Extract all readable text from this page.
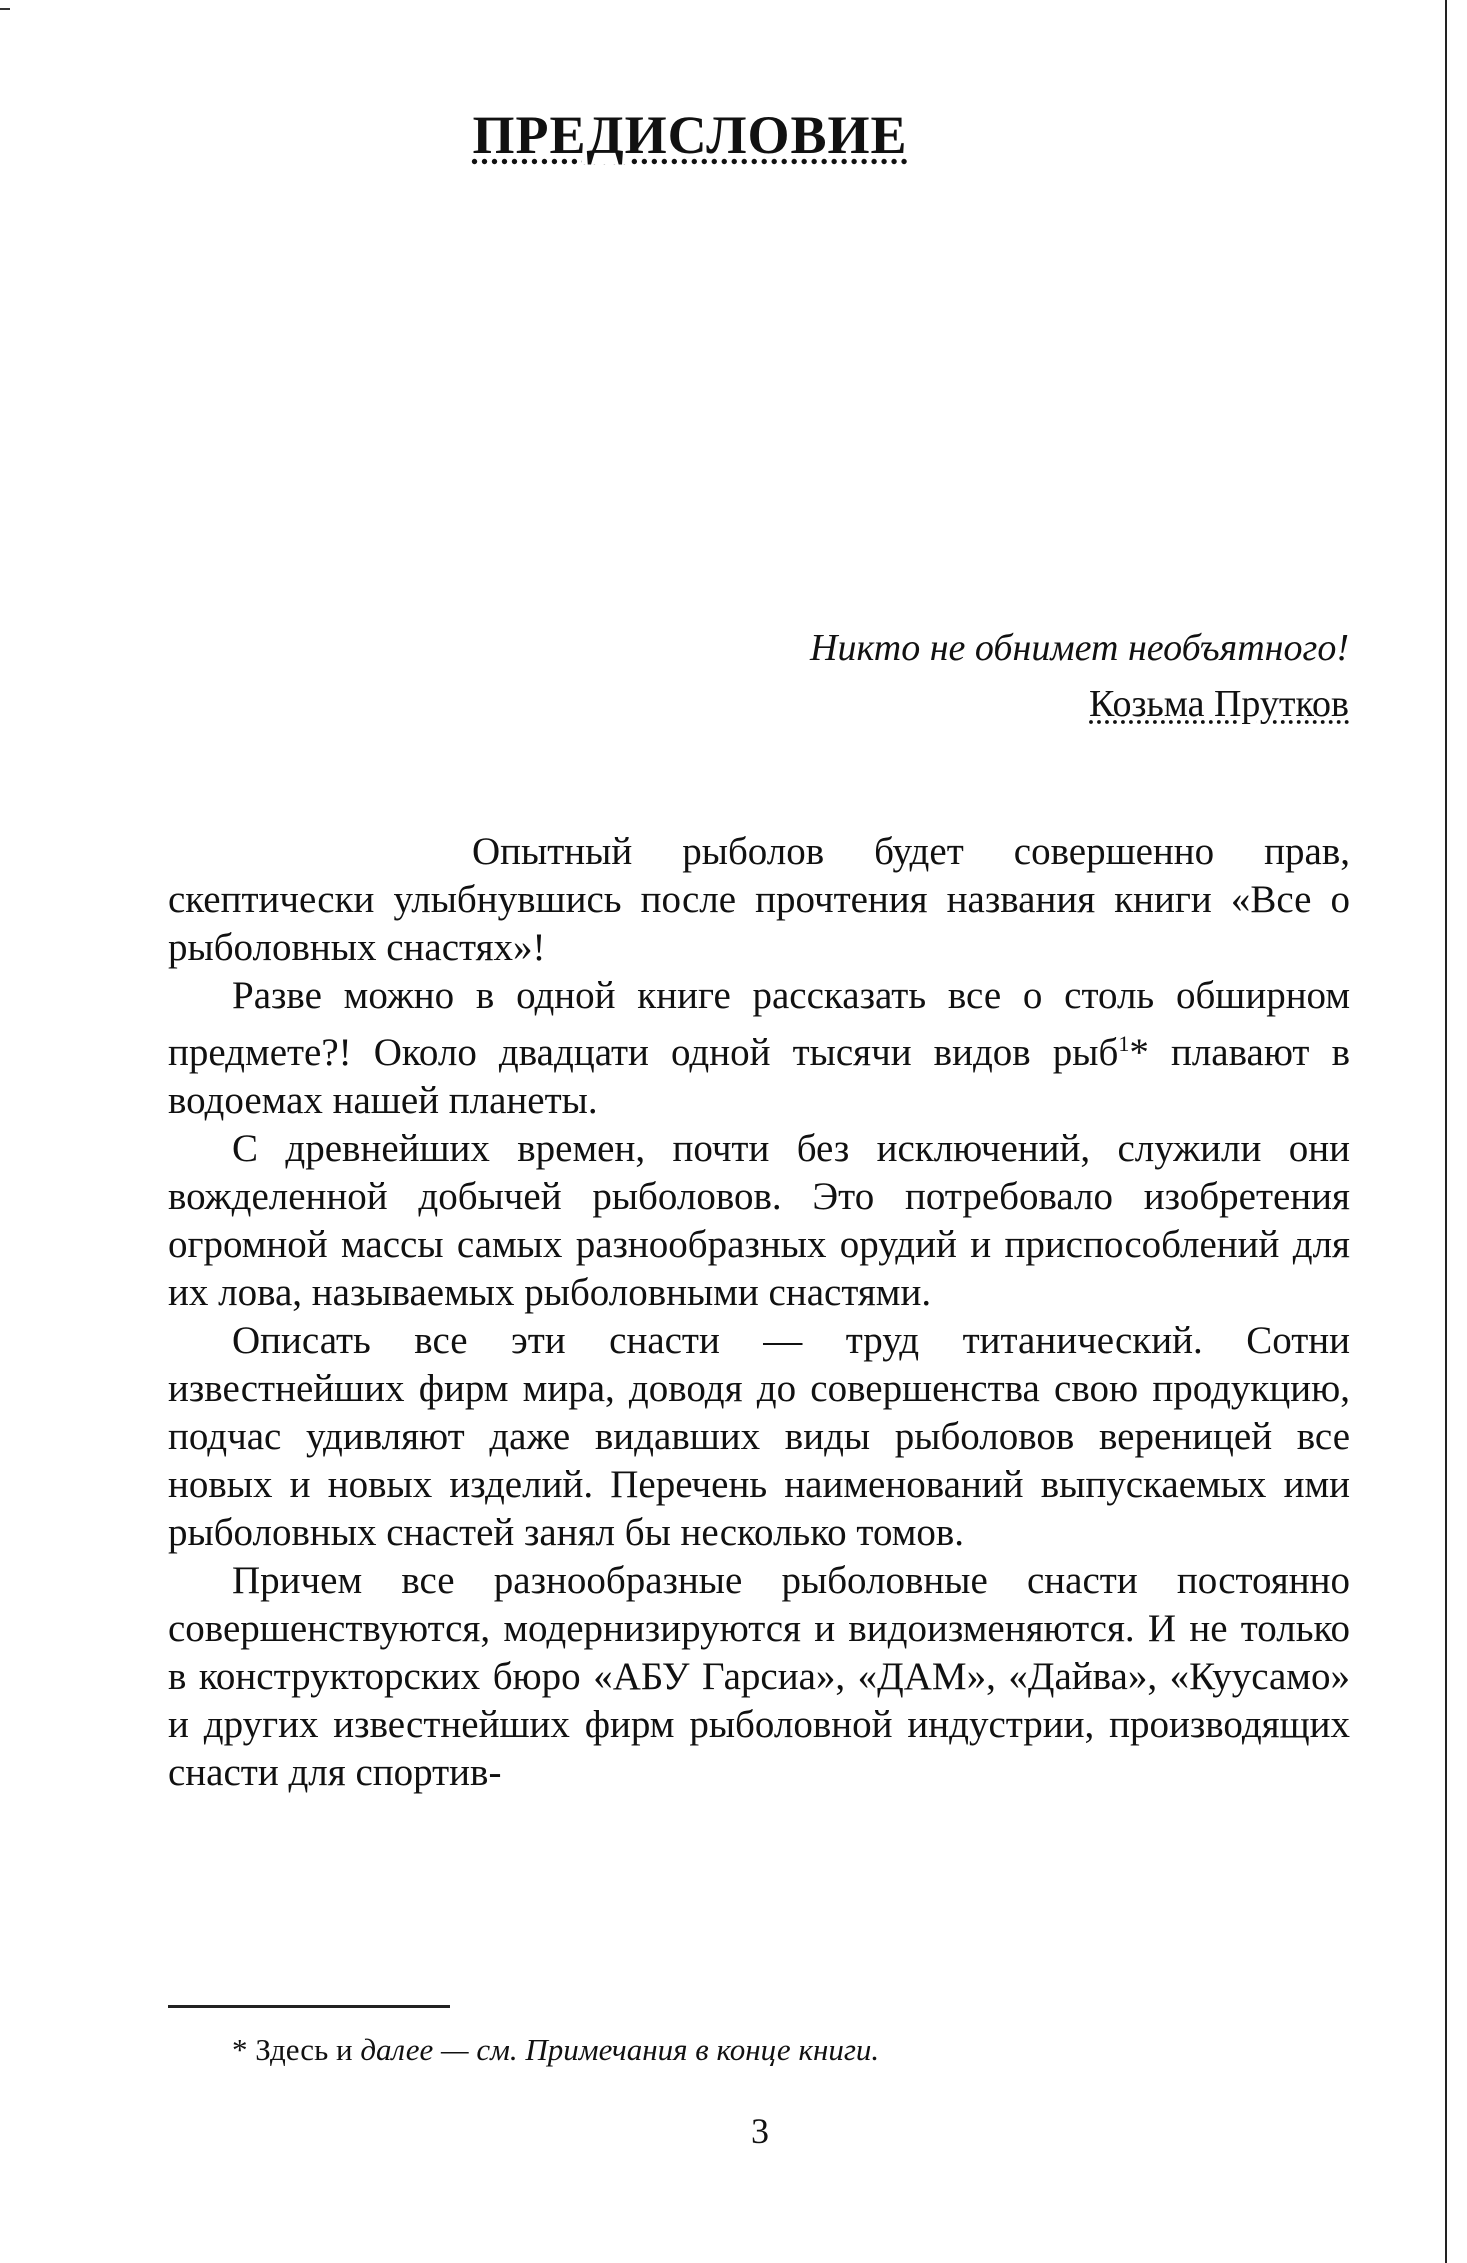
ПРЕДИСЛОВИЕ
Никто не обнимет необъятного!
Козьма Прутков

Опытный рыболов будет совершенно прав, скептически улыбнувшись после прочтения названия книги «Все о рыболовных снастях»!

Разве можно в одной книге рассказать все о столь обширном предмете?! Около двадцати одной тысячи видов рыб$^1$* плавают в водоемах нашей планеты.

С древнейших времен, почти без исключений, служили они вожделенной добычей рыболовов. Это потребовало изобретения огромной массы самых разнообразных орудий и приспособлений для их лова, называемых рыболовными снастями.

Описать все эти снасти — труд титанический. Сотни известнейших фирм мира, доводя до совершенства свою продукцию, подчас удивляют даже видавших виды рыболовов вереницей все новых и новых изделий. Перечень наименований выпускаемых ими рыболовных снастей занял бы несколько томов.

Причем все разнообразные рыболовные снасти постоянно совершенствуются, модернизируются и видоизменяются. И не только в конструкторских бюро «АБУ Гарсиа», «ДАМ», «Дайва», «Куусамо» и других известнейших фирм рыболовной индустрии, производящих снасти для спортив-

* Здесь и далее — см. Примечания в конце книги.
3
